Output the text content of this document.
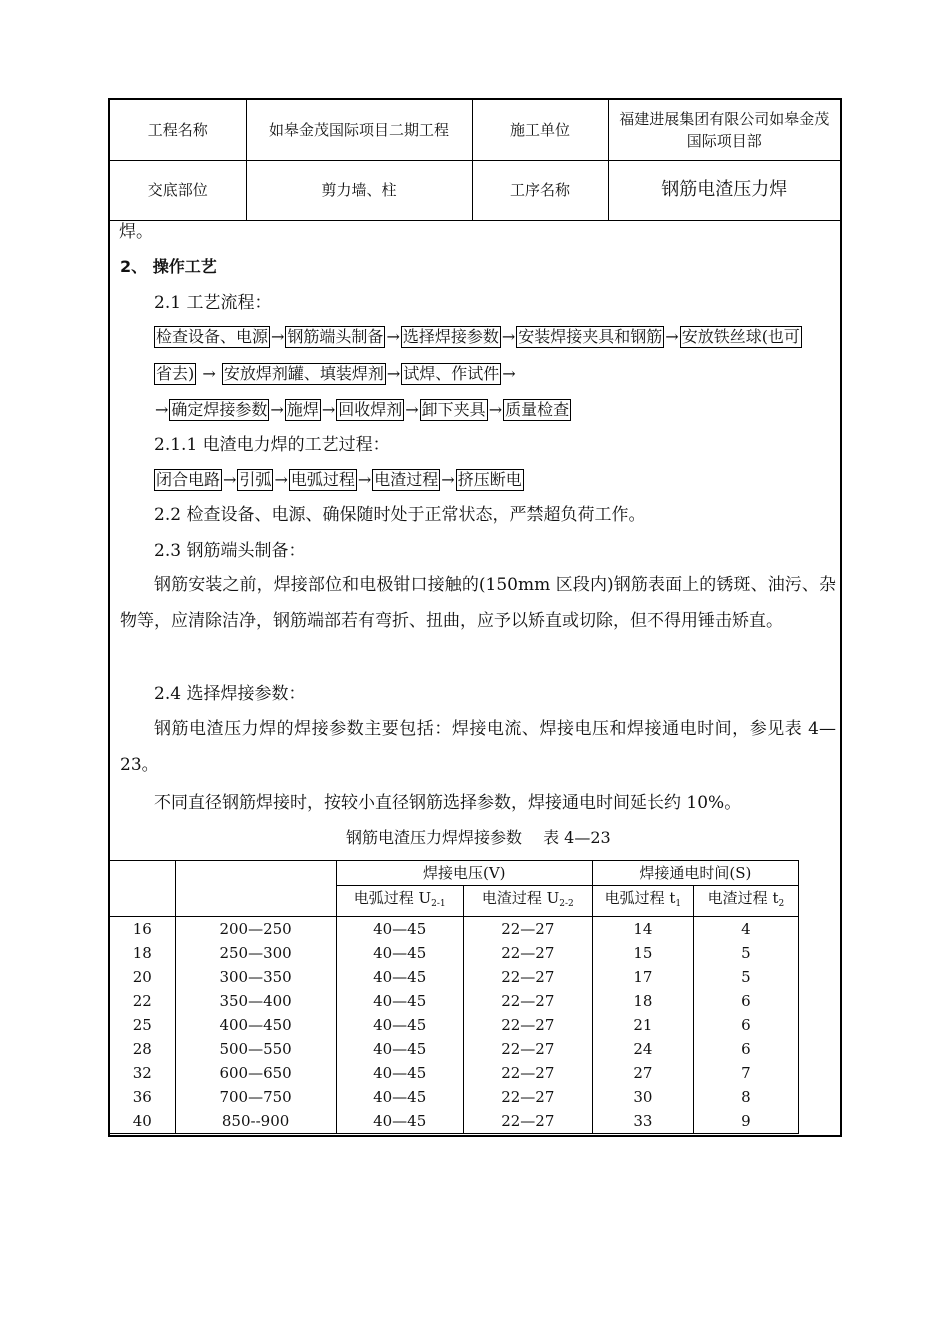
工程名称	如皋金茂国际项目二期工程	施工单位	福建进展集团有限公司如皋金茂国际项目部
交底部位	剪力墙、柱	工序名称	钢筋电渣压力焊
焊。
2、 操作工艺
2.1 工艺流程：
检查设备、电源 → 钢筋端头制备 → 选择焊接参数→ 安装焊接夹具和钢筋→ 安放铁丝球(也可
省去) → 安放焊剂罐、填装焊剂 → 试焊、作试件 →
→ 确定焊接参数 → 施焊 → 回收焊剂 → 卸下夹具 → 质量检查
2.1.1 电渣电力焊的工艺过程：
闭合电路 → 引弧→ 电弧过程→ 电渣过程 → 挤压断电
2.2 检查设备、电源、确保随时处于正常状态，严禁超负荷工作。
2.3 钢筋端头制备：
钢筋安装之前，焊接部位和电极钳口接触的(150mm 区段内)钢筋表面上的锈斑、油污、杂物等，应清除洁净，钢筋端部若有弯折、扭曲，应予以矫直或切除，但不得用锤击矫直。
2.4 选择焊接参数：
钢筋电渣压力焊的焊接参数主要包括：焊接电流、焊接电压和焊接通电时间，参见表 4—23。
不同直径钢筋焊接时，按较小直径钢筋选择参数，焊接通电时间延长约 10%。
钢筋电渣压力焊焊接参数　 表 4—23
		焊接电压(V)		焊接通电时间(S)	
		电弧过程 $U_{2-1}$	电渣过程 $U_{2-2}$	电弧过程 $t_1$	电渣过程 $t_2$
16	200—250	40—45	22—27	14	4
18	250—300	40—45	22—27	15	5
20	300—350	40—45	22—27	17	5
22	350—400	40—45	22—27	18	6
25	400—450	40—45	22—27	21	6
28	500—550	40—45	22—27	24	6
32	600—650	40—45	22—27	27	7
36	700—750	40—45	22—27	30	8
40	850--900	40—45	22—27	33	9
